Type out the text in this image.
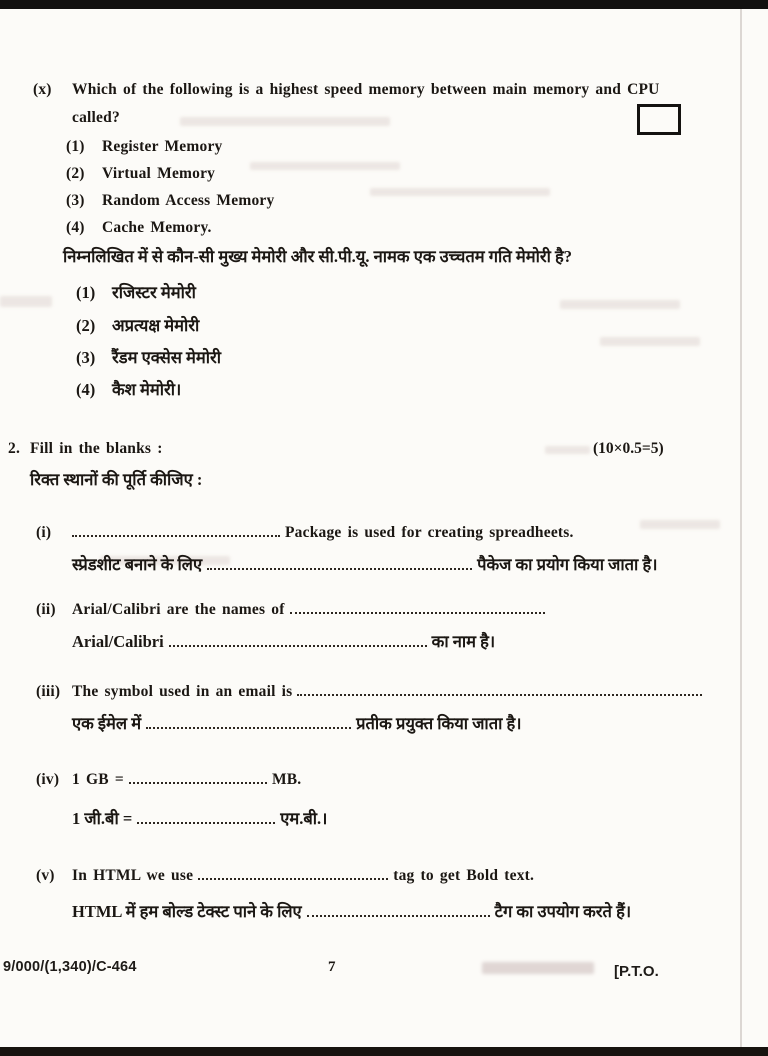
(x) Which of the following is a highest speed memory between main memory and CPU
called?
(1) Register Memory
(2) Virtual Memory
(3) Random Access Memory
(4) Cache Memory.
निम्नलिखित में से कौन-सी मुख्य मेमोरी और सी.पी.यू. नामक एक उच्चतम गति मेमोरी है?
(1) रजिस्टर मेमोरी
(2) अप्रत्यक्ष मेमोरी
(3) रैंडम एक्सेस मेमोरी
(4) कैश मेमोरी।
2. Fill in the blanks :	(10×0.5=5)
रिक्त स्थानों की पूर्ति कीजिए :
(i)	Package is used for creating spreadheets.
स्प्रेडशीट बनाने के लिए	पैकेज का प्रयोग किया जाता है।
(ii) Arial/Calibri are the names of
Arial/Calibri	का नाम है।
(iii) The symbol used in an email is
एक ईमेल में	प्रतीक प्रयुक्त किया जाता है।
(iv) 1 GB =	MB.
1 जी.बी =	एम.बी.।
(v) In HTML we use	tag to get Bold text.
HTML में हम बोल्ड टेक्स्ट पाने के लिए	टैग का उपयोग करते हैं।
9/000/(1,340)/C-464	7	[P.T.O.
